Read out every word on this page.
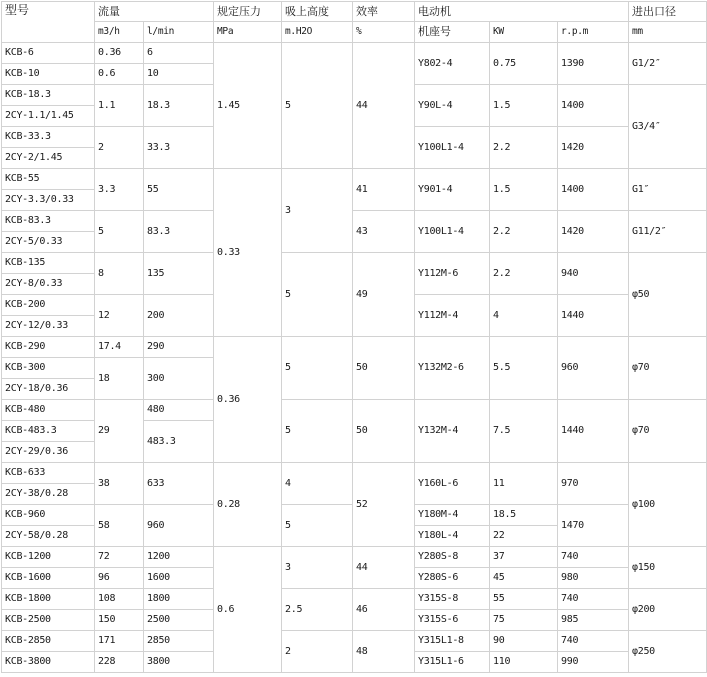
型号	流量		规定压力	吸上高度	效率	电动机			进出口径
	m3/h	l/min	MPa	m.H2O	%	机座号	KW	r.p.m	mm
KCB-6	0.36	6	1.45	5	44	Y802-4	0.75	1390	G1/2″
KCB-10	0.6	10							
KCB-18.3	1.1	18.3				Y90L-4	1.5	1400	G3/4″
2CY-1.1/1.45									
KCB-33.3	2	33.3				Y100L1-4	2.2	1420	
2CY-2/1.45									
KCB-55	3.3	55	0.33	3	41	Y901-4	1.5	1400	G1″
2CY-3.3/0.33									
KCB-83.3	5	83.3			43	Y100L1-4	2.2	1420	G11/2″
2CY-5/0.33									
KCB-135	8	135		5	49	Y112M-6	2.2	940	φ50
2CY-8/0.33									
KCB-200	12	200				Y112M-4	4	1440	
2CY-12/0.33									
KCB-290	17.4	290	0.36	5	50	Y132M2-6	5.5	960	φ70
KCB-300	18	300							
2CY-18/0.36									
KCB-480	29	480		5	50	Y132M-4	7.5	1440	φ70
KCB-483.3		483.3							
2CY-29/0.36									
KCB-633	38	633	0.28	4	52	Y160L-6	11	970	φ100
2CY-38/0.28									
KCB-960	58	960		5		Y180M-4	18.5	1470	
2CY-58/0.28						Y180L-4	22		
KCB-1200	72	1200	0.6	3	44	Y280S-8	37	740	φ150
KCB-1600	96	1600				Y280S-6	45	980	
KCB-1800	108	1800		2.5	46	Y315S-8	55	740	φ200
KCB-2500	150	2500				Y315S-6	75	985	
KCB-2850	171	2850		2	48	Y315L1-8	90	740	φ250
KCB-3800	228	3800				Y315L1-6	110	990	
